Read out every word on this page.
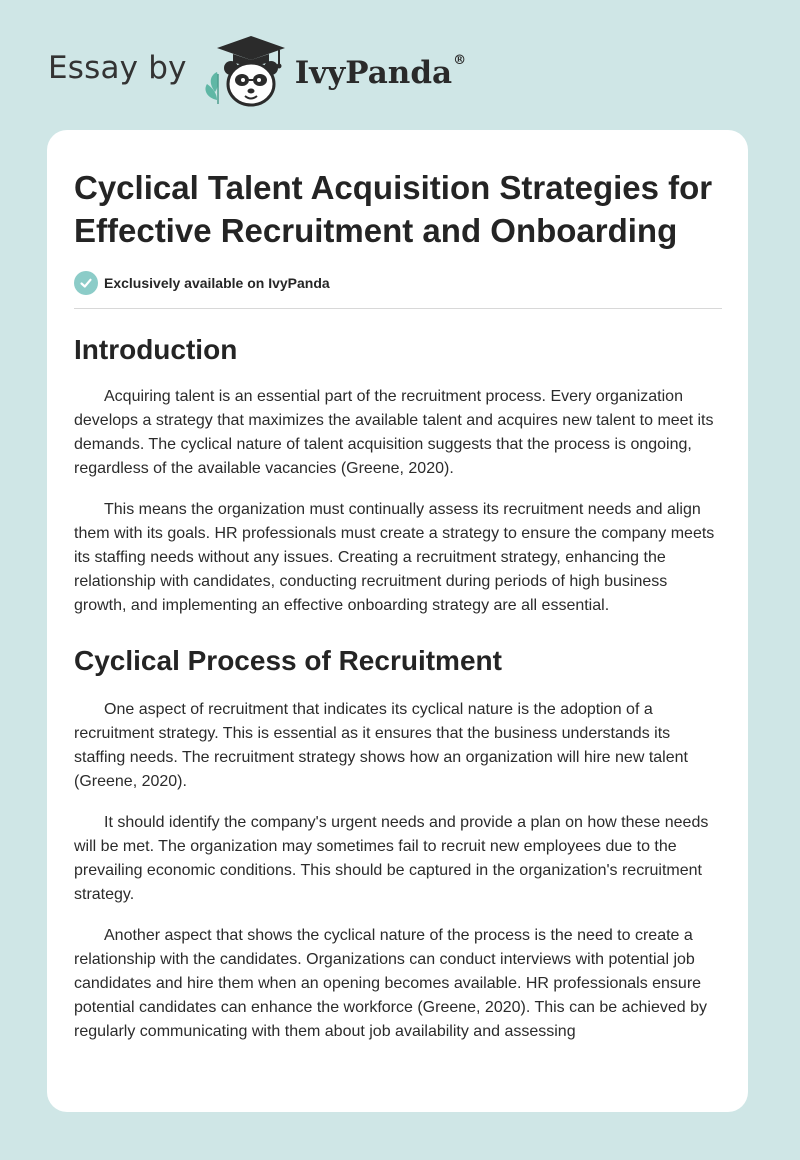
Essay by	IvyPanda®
Cyclical Talent Acquisition Strategies for Effective Recruitment and Onboarding
Exclusively available on IvyPanda
Introduction

Acquiring talent is an essential part of the recruitment process. Every organization develops a strategy that maximizes the available talent and acquires new talent to meet its demands. The cyclical nature of talent acquisition suggests that the process is ongoing, regardless of the available vacancies (Greene, 2020).

This means the organization must continually assess its recruitment needs and align them with its goals. HR professionals must create a strategy to ensure the company meets its staffing needs without any issues. Creating a recruitment strategy, enhancing the relationship with candidates, conducting recruitment during periods of high business growth, and implementing an effective onboarding strategy are all essential.

Cyclical Process of Recruitment

One aspect of recruitment that indicates its cyclical nature is the adoption of a recruitment strategy. This is essential as it ensures that the business understands its staffing needs. The recruitment strategy shows how an organization will hire new talent (Greene, 2020).

It should identify the company's urgent needs and provide a plan on how these needs will be met. The organization may sometimes fail to recruit new employees due to the prevailing economic conditions. This should be captured in the organization's recruitment strategy.

Another aspect that shows the cyclical nature of the process is the need to create a relationship with the candidates. Organizations can conduct interviews with potential job candidates and hire them when an opening becomes available. HR professionals ensure potential candidates can enhance the workforce (Greene, 2020). This can be achieved by regularly communicating with them about job availability and assessing
